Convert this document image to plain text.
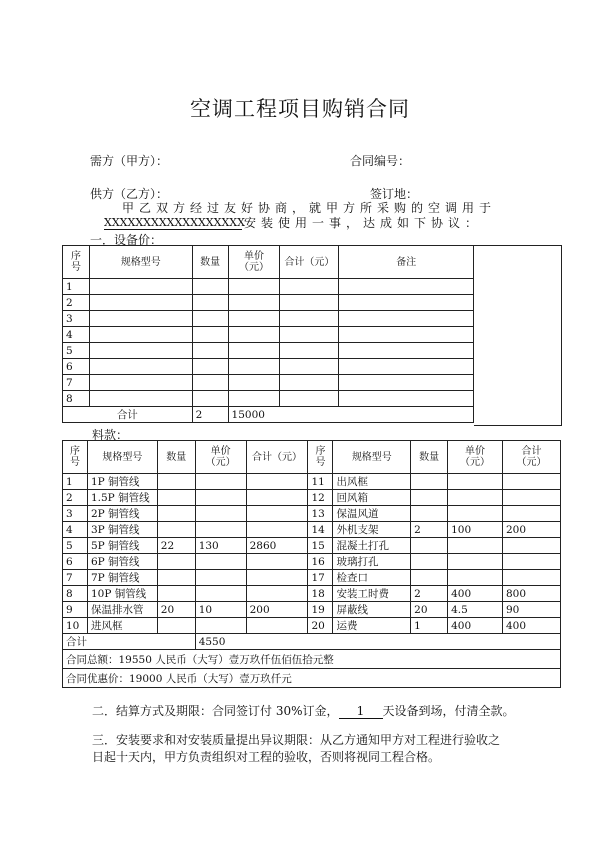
空调工程项目购销合同
需方（甲方）：	合同编号：
供方（乙方）：	签订地：
甲乙双方经过友好协商，就甲方所采购的空调用于
XXXXXXXXXXXXXXXXXX 安装使用一事，达成如下协议：
一．设备价：
序号	规格型号	数量	单价
（元）	合计（元）	备注
1					
2					
3					
4					
5					
6					
7					
8					
合计		2	15000		
料款：
序号	规格型号	数量	单价
（元）	合计（元）	序号	规格型号	数量	单价
（元）	合计
（元）
1	1P 铜管线				11	出风框			
2	1.5P 铜管线				12	回风箱			
3	2P 铜管线				13	保温风道			
4	3P 铜管线				14	外机支架	2	100	200
5	5P 铜管线	22	130	2860	15	混凝土打孔			
6	6P 铜管线				16	玻璃打孔			
7	7P 铜管线				17	检查口			
8	10P 铜管线				18	安装工时费	2	400	800
9	保温排水管	20	10	200	19	屏蔽线	20	4.5	90
10	进风框				20	运费	1	400	400
合计			4550						
合同总额：19550 人民币（大写）壹万玖仟伍佰伍拾元整									
合同优惠价：19000 人民币（大写）壹万玖仟元									
二．结算方式及期限：合同签订付 30%订金， 1 天设备到场，付清全款。
三．安装要求和对安装质量提出异议期限：从乙方通知甲方对工程进行验收之
日起十天内，甲方负责组织对工程的验收，否则将视同工程合格。
